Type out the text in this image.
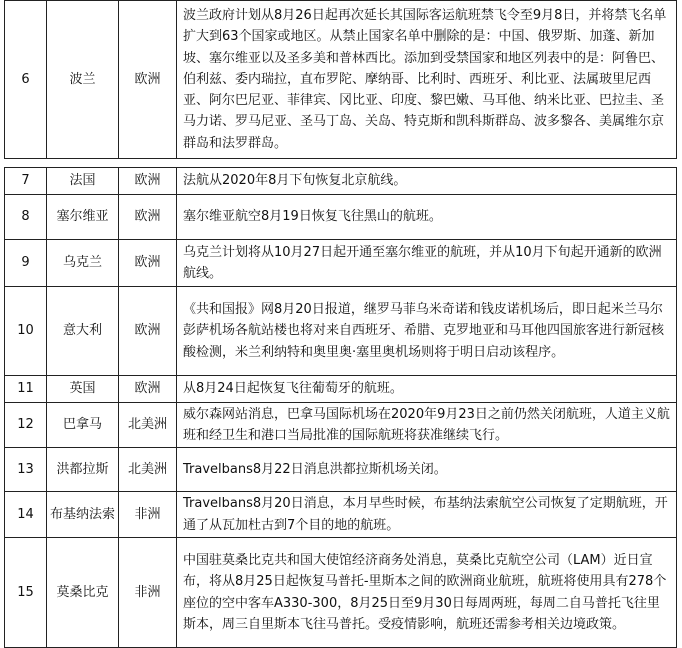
6	波兰	欧洲	波兰政府计划从8月26日起再次延长其国际客运航班禁飞令至9月8日，并将禁飞名单扩大到63个国家或地区。从禁止国家名单中删除的是：中国、俄罗斯、加蓬、新加坡、塞尔维亚以及圣多美和普林西比。添加到受禁国家和地区列表中的是：阿鲁巴、伯利兹、委内瑞拉，直布罗陀、摩纳哥、比利时、西班牙、利比亚、法属玻里尼西亚、阿尔巴尼亚、菲律宾、冈比亚、印度、黎巴嫩、马耳他、纳米比亚、巴拉圭、圣马力诺、罗马尼亚、圣马丁岛、关岛、特克斯和凯科斯群岛、波多黎各、美属维尔京群岛和法罗群岛。
7	法国	欧洲	法航从2020年8月下旬恢复北京航线。
8	塞尔维亚	欧洲	塞尔维亚航空8月19日恢复飞往黑山的航班。
9	乌克兰	欧洲	乌克兰计划将从10月27日起开通至塞尔维亚的航班，并从10月下旬起开通新的欧洲航线。
10	意大利	欧洲	《共和国报》网8月20日报道，继罗马菲乌米奇诺和钱皮诺机场后，即日起米兰马尔彭萨机场各航站楼也将对来自西班牙、希腊、克罗地亚和马耳他四国旅客进行新冠核酸检测，米兰利纳特和奥里奥·塞里奥机场则将于明日启动该程序。
11	英国	欧洲	从8月24日起恢复飞往葡萄牙的航班。
12	巴拿马	北美洲	威尔森网站消息，巴拿马国际机场在2020年9月23日之前仍然关闭航班，人道主义航班和经卫生和港口当局批准的国际航班将获准继续飞行。
13	洪都拉斯	北美洲	Travelbans8月22日消息洪都拉斯机场关闭。
14	布基纳法索	非洲	Travelbans8月20日消息，本月早些时候，布基纳法索航空公司恢复了定期航班，开通了从瓦加杜古到7个目的地的航班。
15	莫桑比克	非洲	中国驻莫桑比克共和国大使馆经济商务处消息，莫桑比克航空公司（LAM）近日宣布，将从8月25日起恢复马普托-里斯本之间的欧洲商业航班，航班将使用具有278个座位的空中客车A330-300，8月25日至9月30日每周两班，每周二自马普托飞往里斯本，周三自里斯本飞往马普托。受疫情影响，航班还需参考相关边境政策。
